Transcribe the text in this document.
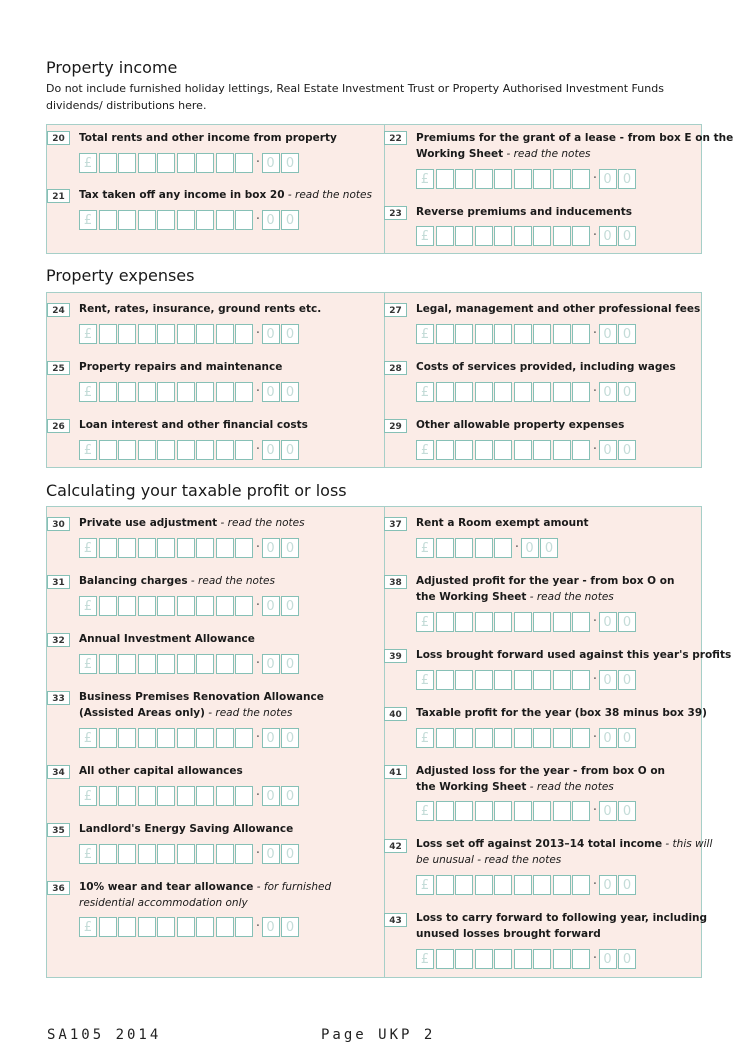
Property income
Do not include furnished holiday lettings, Real Estate Investment Trust or Property Authorised Investment Funds dividends/ distributions here.
20	Total rents and other income from property
£	· 0 0
21	Tax taken off any income in box 20 - read the notes
£	· 0 0
22	Premiums for the grant of a lease - from box E on the
Working Sheet - read the notes
£	· 0 0
23	Reverse premiums and inducements
£	· 0 0
Property expenses
24	Rent, rates, insurance, ground rents etc.
£	· 0 0
25	Property repairs and maintenance
£	· 0 0
26	Loan interest and other financial costs
£	· 0 0
27	Legal, management and other professional fees
£	· 0 0
28	Costs of services provided, including wages
£	· 0 0
29	Other allowable property expenses
£	· 0 0
Calculating your taxable profit or loss
30	Private use adjustment - read the notes
£	· 0 0
31	Balancing charges - read the notes
£	· 0 0
32	Annual Investment Allowance
£	· 0 0
33	Business Premises Renovation Allowance
(Assisted Areas only) - read the notes
£	· 0 0
34	All other capital allowances
£	· 0 0
35	Landlord's Energy Saving Allowance
£	· 0 0
36	10% wear and tear allowance - for furnished
residential accommodation only
£	· 0 0
37	Rent a Room exempt amount
£	· 0 0
38	Adjusted profit for the year - from box O on
the Working Sheet - read the notes
£	· 0 0
39	Loss brought forward used against this year's profits
£	· 0 0
40	Taxable profit for the year (box 38 minus box 39)
£	· 0 0
41	Adjusted loss for the year - from box O on
the Working Sheet - read the notes
£	· 0 0
42	Loss set off against 2013–14 total income - this will
be unusual - read the notes
£	· 0 0
43	Loss to carry forward to following year, including
unused losses brought forward
£	· 0 0
SA105 2014	Page UKP 2
